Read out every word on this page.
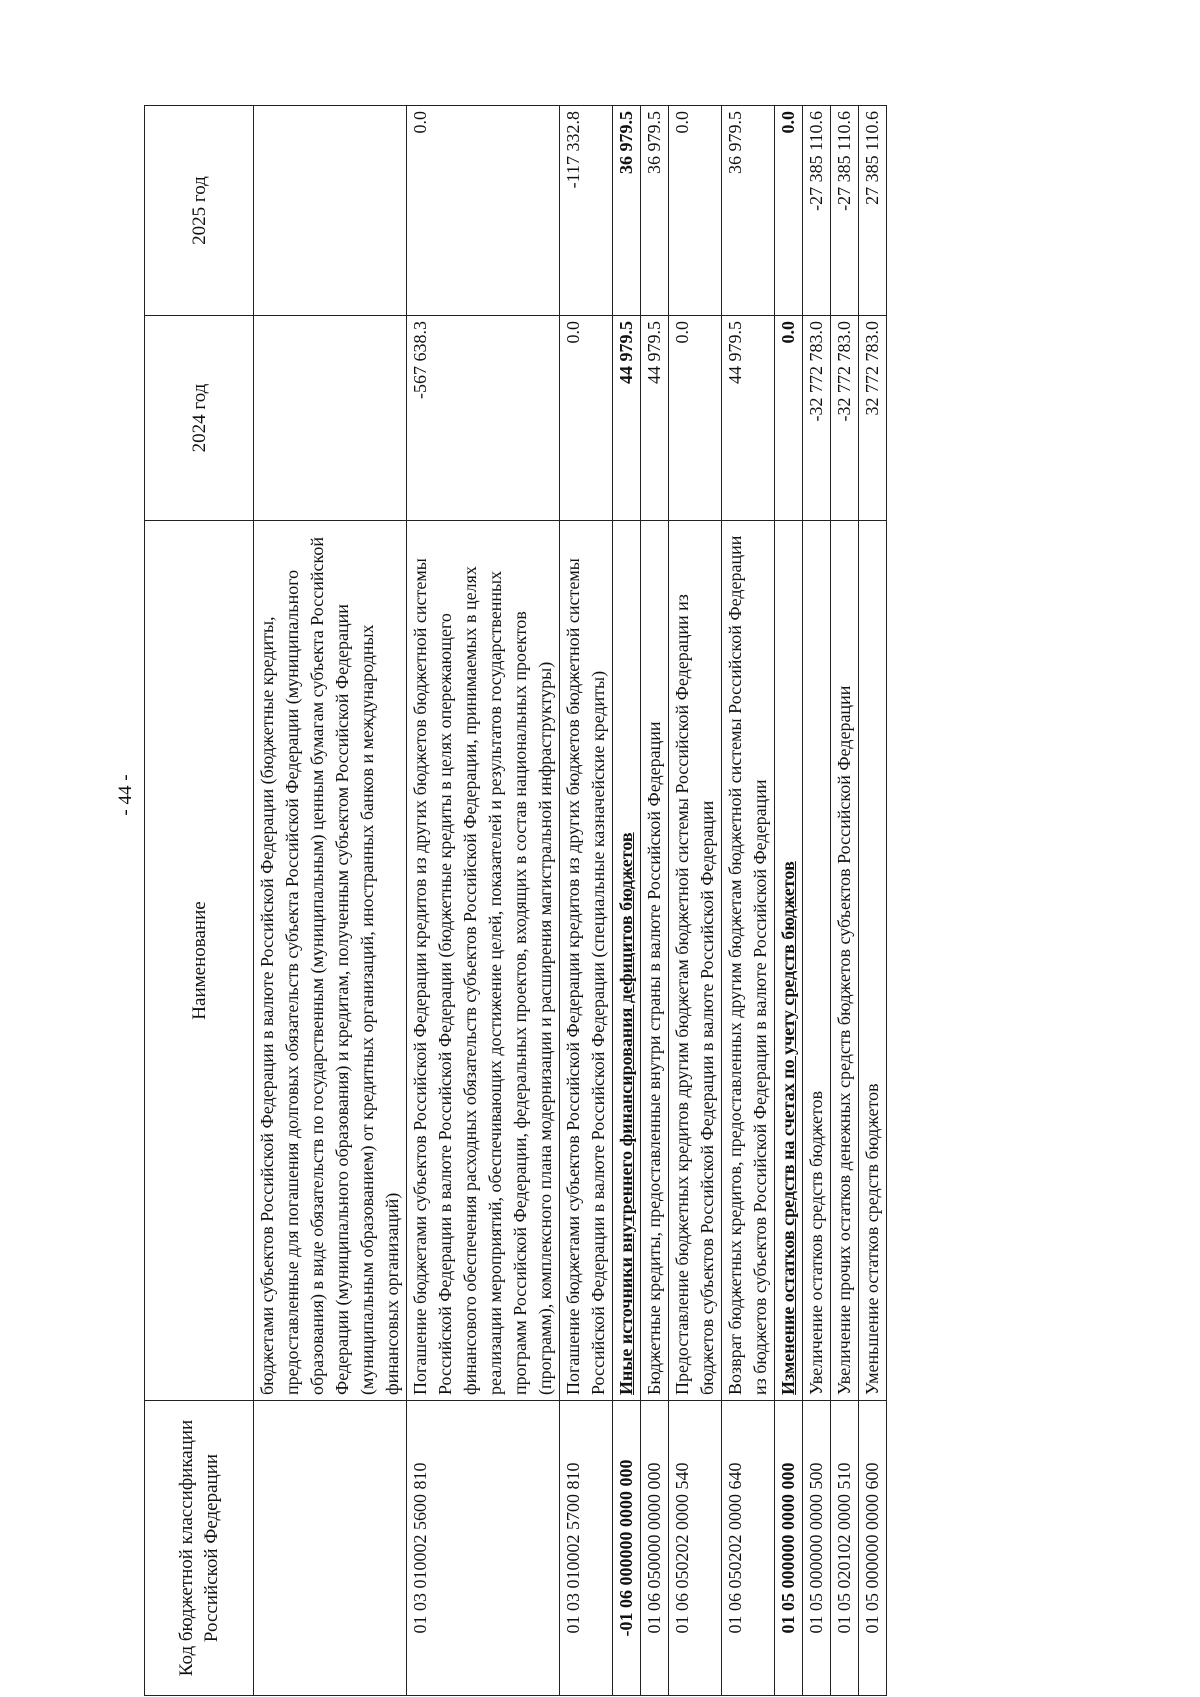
- 44 -
Код бюджетной классификации Российской Федерации	Наименование	2024 год	2025 год
	бюджетами субъектов Российской Федерации в валюте Российской Федерации (бюджетные кредиты, предоставленные для погашения долговых обязательств субъекта Российской Федерации (муниципального образования) в виде обязательств по государственным (муниципальным) ценным бумагам субъекта Российской Федерации (муниципального образования) и кредитам, полученным субъектом Российской Федерации (муниципальным образованием) от кредитных организаций, иностранных банков и международных финансовых организаций)		
01 03 010002 5600 810	Погашение бюджетами субъектов Российской Федерации кредитов из других бюджетов бюджетной системы Российской Федерации в валюте Российской Федерации (бюджетные кредиты в целях опережающего финансового обеспечения расходных обязательств субъектов Российской Федерации, принимаемых в целях реализации мероприятий, обеспечивающих достижение целей, показателей и результатов государственных программ Российской Федерации, федеральных проектов, входящих в состав национальных проектов (программ), комплексного плана модернизации и расширения магистральной инфраструктуры)	-567 638.3	0.0
01 03 010002 5700 810	Погашение бюджетами субъектов Российской Федерации кредитов из других бюджетов бюджетной системы Российской Федерации в валюте Российской Федерации (специальные казначейские кредиты)	0.0	-117 332.8
-01 06 000000 0000 000	Иные источники внутреннего финансирования дефицитов бюджетов	44 979.5	36 979.5
01 06 050000 0000 000	Бюджетные кредиты, предоставленные внутри страны в валюте Российской Федерации	44 979.5	36 979.5
01 06 050202 0000 540	Предоставление бюджетных кредитов другим бюджетам бюджетной системы Российской Федерации из бюджетов субъектов Российской Федерации в валюте Российской Федерации	0.0	0.0
01 06 050202 0000 640	Возврат бюджетных кредитов, предоставленных другим бюджетам бюджетной системы Российской Федерации из бюджетов субъектов Российской Федерации в валюте Российской Федерации	44 979.5	36 979.5
01 05 000000 0000 000	Изменение остатков средств на счетах по учету средств бюджетов	0.0	0.0
01 05 000000 0000 500	Увеличение остатков средств бюджетов	-32 772 783.0	-27 385 110.6
01 05 020102 0000 510	Увеличение прочих остатков денежных средств бюджетов субъектов Российской Федерации	-32 772 783.0	-27 385 110.6
01 05 000000 0000 600	Уменьшение остатков средств бюджетов	32 772 783.0	27 385 110.6
